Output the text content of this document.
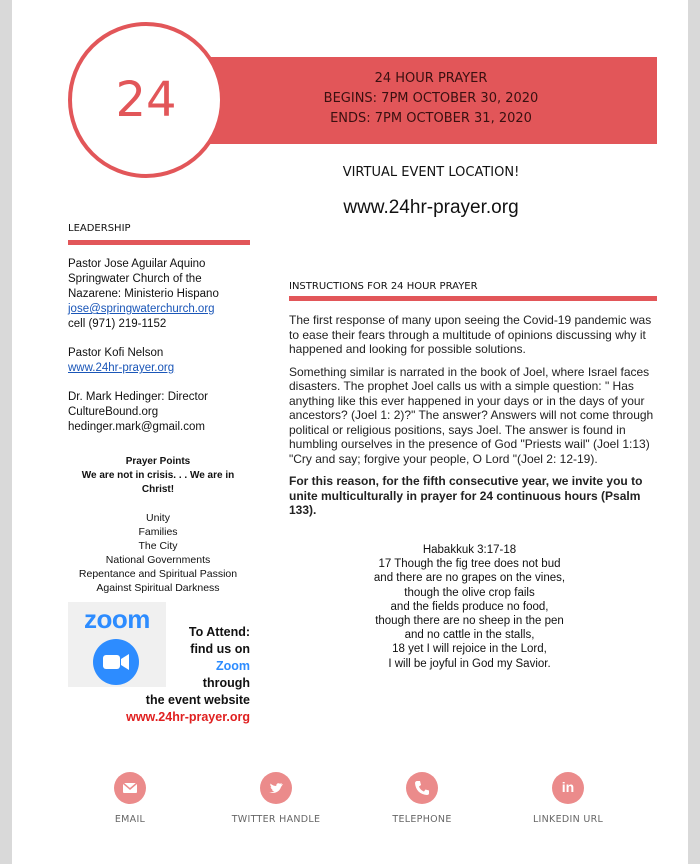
24 HOUR PRAYER
BEGINS: 7PM OCTOBER 30, 2020
ENDS: 7PM OCTOBER 31, 2020
24
VIRTUAL EVENT LOCATION!
www.24hr-prayer.org
LEADERSHIP

Pastor Jose Aguilar Aquino
Springwater Church of the
Nazarene: Ministerio Hispano
jose@springwaterchurch.org
cell (971) 219-1152

Pastor Kofi Nelson
www.24hr-prayer.org

Dr. Mark Hedinger: Director
CultureBound.org
hedinger.mark@gmail.com

Prayer Points
We are not in crisis. . . We are in Christ!
Unity
Families
The City
National Governments
Repentance and Spiritual Passion
Against Spiritual Darkness
zoom	To Attend:
find us on
Zoom
through
the event website
www.24hr-prayer.org
INSTRUCTIONS FOR 24 HOUR PRAYER

The first response of many upon seeing the Covid-19 pandemic was to ease their fears through a multitude of opinions discussing why it happened and looking for possible solutions.

Something similar is narrated in the book of Joel, where Israel faces disasters. The prophet Joel calls us with a simple question: " Has anything like this ever happened in your days or in the days of your ancestors? (Joel 1: 2)?" The answer? Answers will not come through political or religious positions, says Joel. The answer is found in humbling ourselves in the presence of God "Priests wail" (Joel 1:13) "Cry and say; forgive your people, O Lord "(Joel 2: 12-19).

For this reason, for the fifth consecutive year, we invite you to unite multiculturally in prayer for 24 continuous hours (Psalm 133).

Habakkuk 3:17-18
17 Though the fig tree does not bud
and there are no grapes on the vines,
though the olive crop fails
and the fields produce no food,
though there are no sheep in the pen
and no cattle in the stalls,
18 yet I will rejoice in the Lord,
I will be joyful in God my Savior.
EMAIL	TWITTER HANDLE	TELEPHONE
in
LINKEDIN URL
